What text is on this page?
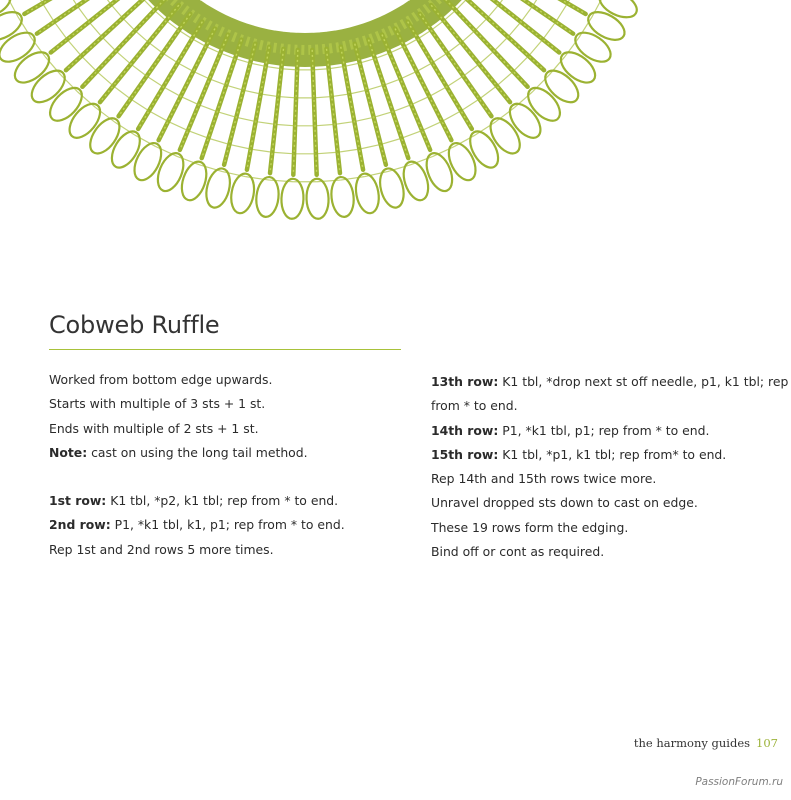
Cobweb Ruffle

Worked from bottom edge upwards.

Starts with multiple of 3 sts + 1 st.

Ends with multiple of 2 sts + 1 st.

Note: cast on using the long tail method.

1st row: K1 tbl, *p2, k1 tbl; rep from * to end.

2nd row: P1, *k1 tbl, k1, p1; rep from * to end.

Rep 1st and 2nd rows 5 more times.

13th row: K1 tbl, *drop next st off needle, p1, k1 tbl; rep

from * to end.

14th row: P1, *k1 tbl, p1; rep from * to end.

15th row: K1 tbl, *p1, k1 tbl; rep from* to end.

Rep 14th and 15th rows twice more.

Unravel dropped sts down to cast on edge.

These 19 rows form the edging.

Bind off or cont as required.

the harmony guides 107
PassionForum.ru
